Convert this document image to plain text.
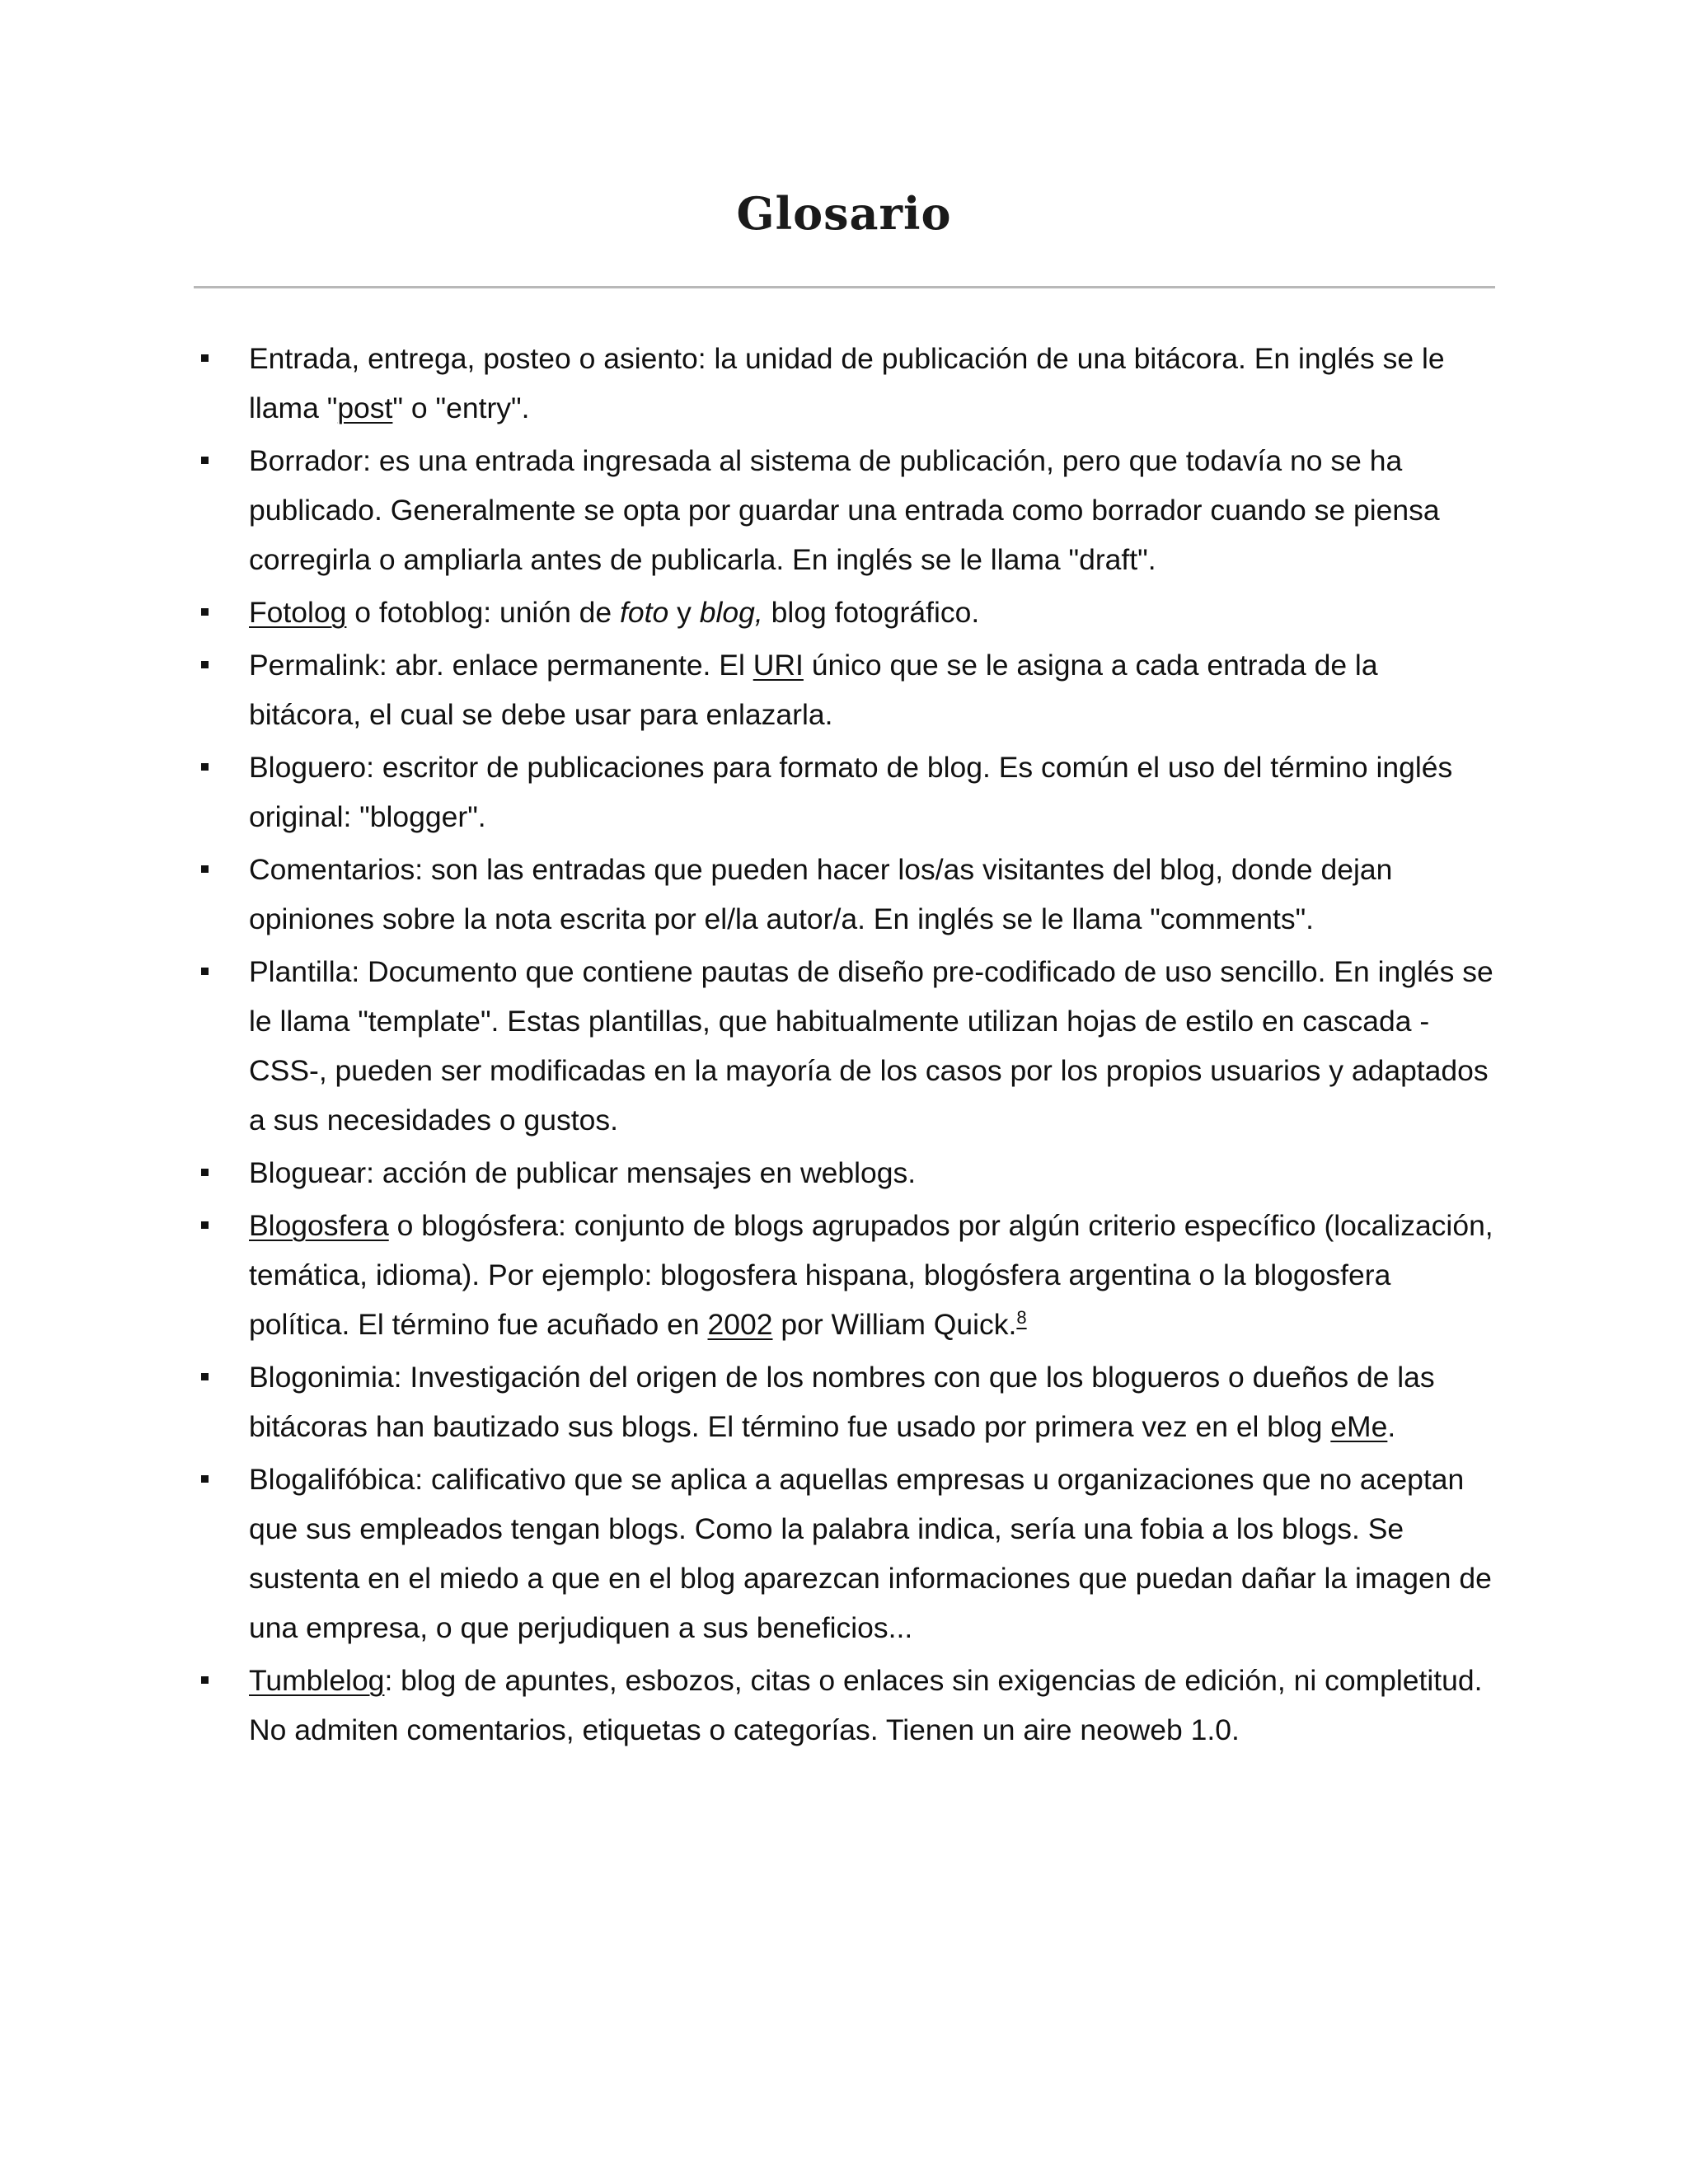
Glosario
Entrada, entrega, posteo o asiento: la unidad de publicación de una bitácora. En inglés se le llama "post" o "entry".
Borrador: es una entrada ingresada al sistema de publicación, pero que todavía no se ha publicado. Generalmente se opta por guardar una entrada como borrador cuando se piensa corregirla o ampliarla antes de publicarla. En inglés se le llama "draft".
Fotolog o fotoblog: unión de foto y blog, blog fotográfico.
Permalink: abr. enlace permanente. El URI único que se le asigna a cada entrada de la bitácora, el cual se debe usar para enlazarla.
Bloguero: escritor de publicaciones para formato de blog. Es común el uso del término inglés original: "blogger".
Comentarios: son las entradas que pueden hacer los/as visitantes del blog, donde dejan opiniones sobre la nota escrita por el/la autor/a. En inglés se le llama "comments".
Plantilla: Documento que contiene pautas de diseño pre-codificado de uso sencillo. En inglés se le llama "template". Estas plantillas, que habitualmente utilizan hojas de estilo en cascada -CSS-, pueden ser modificadas en la mayoría de los casos por los propios usuarios y adaptados a sus necesidades o gustos.
Bloguear: acción de publicar mensajes en weblogs.
Blogosfera o blogósfera: conjunto de blogs agrupados por algún criterio específico (localización, temática, idioma). Por ejemplo: blogosfera hispana, blogósfera argentina o la blogosfera política. El término fue acuñado en 2002 por William Quick.$^8$
Blogonimia: Investigación del origen de los nombres con que los blogueros o dueños de las bitácoras han bautizado sus blogs. El término fue usado por primera vez en el blog eMe.
Blogalifóbica: calificativo que se aplica a aquellas empresas u organizaciones que no aceptan que sus empleados tengan blogs. Como la palabra indica, sería una fobia a los blogs. Se sustenta en el miedo a que en el blog aparezcan informaciones que puedan dañar la imagen de una empresa, o que perjudiquen a sus beneficios...
Tumblelog: blog de apuntes, esbozos, citas o enlaces sin exigencias de edición, ni completitud. No admiten comentarios, etiquetas o categorías. Tienen un aire neoweb 1.0.
